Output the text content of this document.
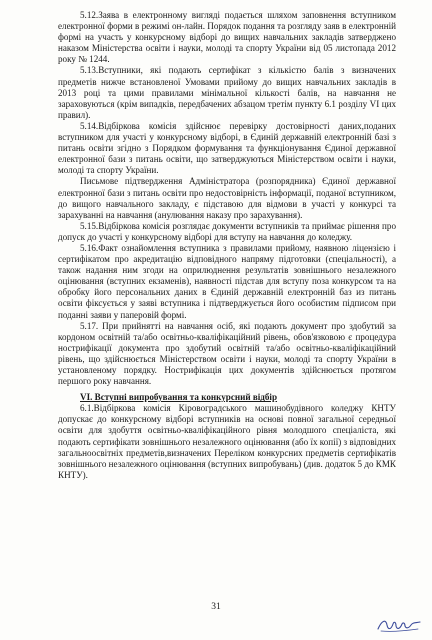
5.12.Заява в електронному вигляді подається шляхом заповнення вступником електронної форми в режимі он-лайн. Порядок подання та розгляду заяв в електронній формі на участь у конкурсному відборі до вищих навчальних закладів затверджено наказом Міністерства освіти і науки, молоді та спорту України від 05 листопада 2012 року № 1244.

5.13.Вступники, які подають сертифікат з кількістю балів з визначених предметів нижче встановленої Умовами прийому до вищих навчальних закладів в 2013 році та цими правилами мінімальної кількості балів, на навчання не зараховуються (крім випадків, передбачених абзацом третім пункту 6.1 розділу VI цих правил).

5.14.Відбіркова комісія здійснює перевірку достовірності даних,поданих вступником для участі у конкурсному відборі, в Єдиній державній електронній базі з питань освіти згідно з Порядком формування та функціонування Єдиної державної електронної бази з питань освіти, що затверджуються Міністерством освіти і науки, молоді та спорту України.

Письмове підтвердження Адміністратора (розпорядника) Єдиної державної електронної бази з питань освіти про недостовірність інформації, поданої вступником, до вищого навчального закладу, є підставою для відмови в участі у конкурсі та зарахуванні на навчання (анулювання наказу про зарахування).

5.15.Відбіркова комісія розглядає документи вступників та приймає рішення про допуск до участі у конкурсному відборі для вступу на навчання до коледжу.

5.16.Факт ознайомлення вступника з правилами прийому, наявною ліцензією і сертифікатом про акредитацію відповідного напряму підготовки (спеціальності), а також надання ним згоди на оприлюднення результатів зовнішнього незалежного оцінювання (вступних екзаменів), наявності підстав для вступу поза конкурсом та на обробку його персональних даних в Єдиній державній електронній баз из питань освіти фіксується у заяві вступника і підтверджується його особистим підписом при поданні заяви у паперовій формі.

5.17. При прийнятті на навчання осіб, які подають документ про здобутий за кордоном освітній та/або освітньо-кваліфікаційний рівень, обов'язковою є процедура нострифікації документа про здобутий освітній та/або освітньо-кваліфікаційний рівень, що здійснюється Міністерством освіти і науки, молоді та спорту України в установленому порядку. Нострифікація цих документів здійснюється протягом першого року навчання.

VI. Вступні випробування та конкурсний відбір

6.1.Відбіркова комісія Кіровоградського машинобудівного коледжу КНТУ допускає до конкурсному відборі вступників на основі повної загальної середньої освіти для здобуття освітньо-кваліфікаційного рівня молодшого спеціаліста, які подають сертифікати зовнішнього незалежного оцінювання (або їх копії) з відповідних загальноосвітніх предметів,визначених Переліком конкурсних предметів сертифікатів зовнішнього незалежного оцінювання (вступних випробувань) (див. додаток 5 до КМК КНТУ).

31
